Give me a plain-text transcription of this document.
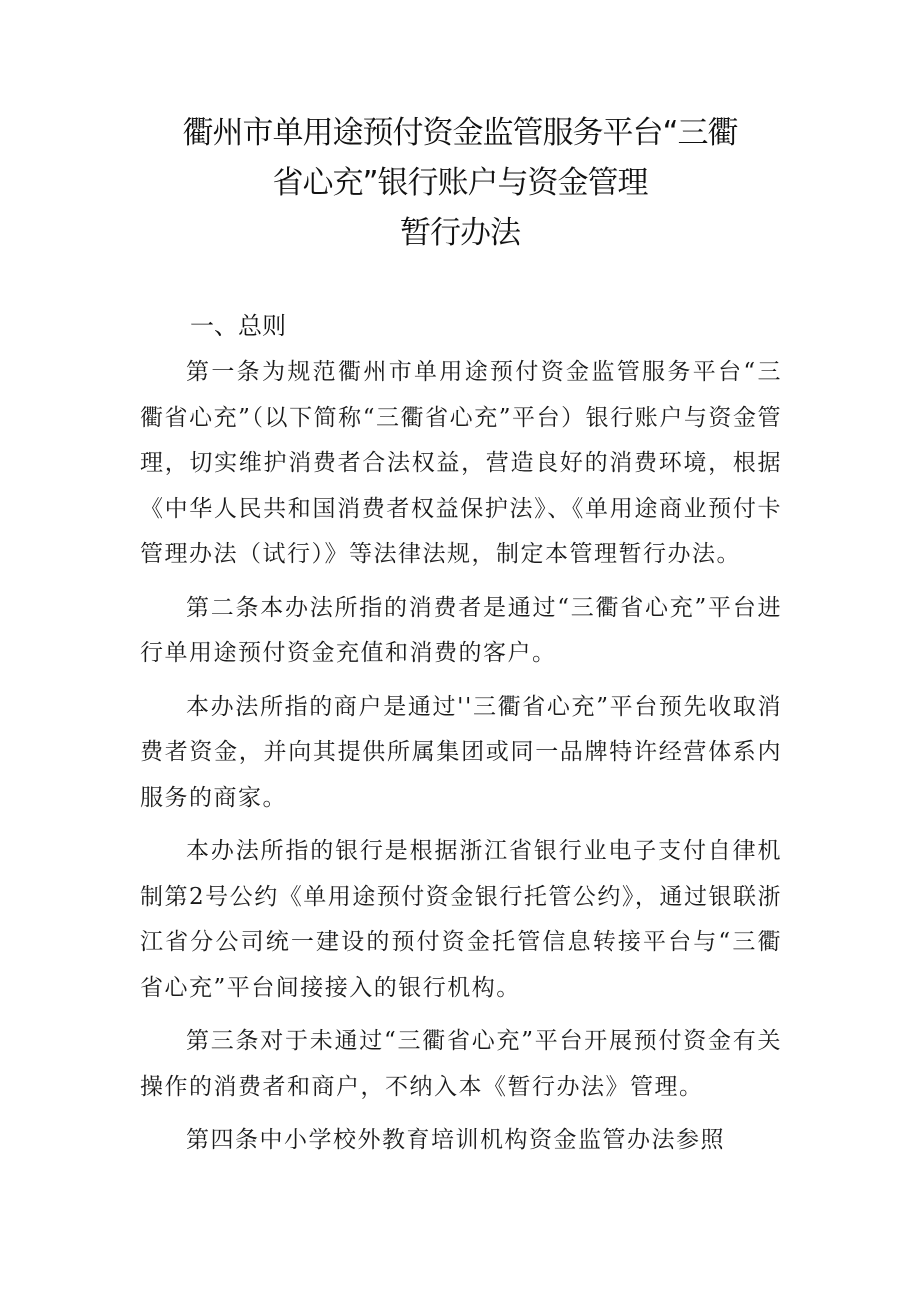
衢州市单用途预付资金监管服务平台“三衢
省心充”银行账户与资金管理
暂行办法
一、总则

第一条为规范衢州市单用途预付资金监管服务平台“三衢省心充”（以下简称“三衢省心充”平台）银行账户与资金管理，切实维护消费者合法权益，营造良好的消费环境，根据《中华人民共和国消费者权益保护法》、《单用途商业预付卡管理办法（试行）》等法律法规，制定本管理暂行办法。

第二条本办法所指的消费者是通过“三衢省心充”平台进行单用途预付资金充值和消费的客户。

本办法所指的商户是通过''三衢省心充”平台预先收取消费者资金，并向其提供所属集团或同一品牌特许经营体系内服务的商家。

本办法所指的银行是根据浙江省银行业电子支付自律机制第2号公约《单用途预付资金银行托管公约》，通过银联浙江省分公司统一建设的预付资金托管信息转接平台与“三衢省心充”平台间接接入的银行机构。

第三条对于未通过“三衢省心充”平台开展预付资金有关操作的消费者和商户，不纳入本《暂行办法》管理。

第四条中小学校外教育培训机构资金监管办法参照
